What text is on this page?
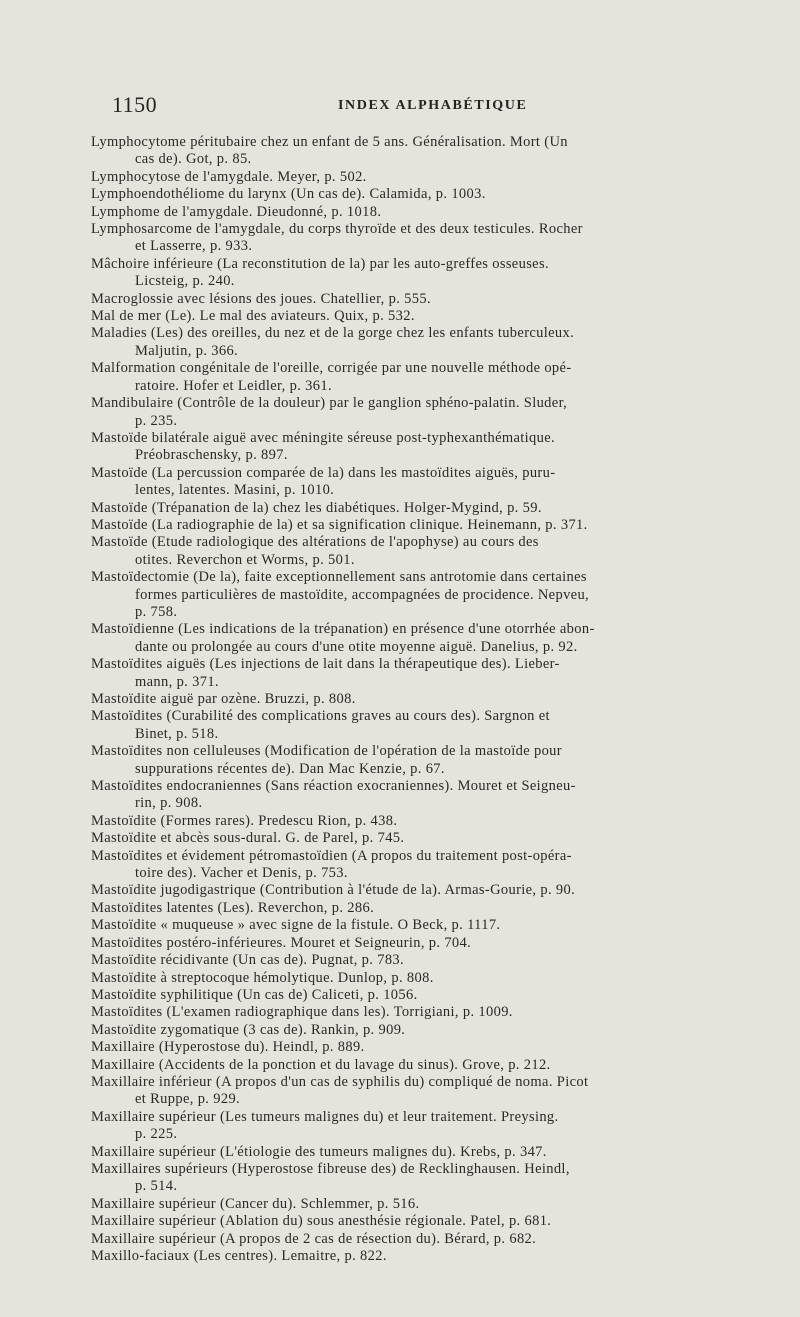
1150	INDEX ALPHABÉTIQUE
Lymphocytome péritubaire chez un enfant de 5 ans. Généralisation. Mort (Un
cas de). Got, p. 85.
Lymphocytose de l'amygdale. Meyer, p. 502.
Lymphoendothéliome du larynx (Un cas de). Calamida, p. 1003.
Lymphome de l'amygdale. Dieudonné, p. 1018.
Lymphosarcome de l'amygdale, du corps thyroïde et des deux testicules. Rocher
et Lasserre, p. 933.
Mâchoire inférieure (La reconstitution de la) par les auto-greffes osseuses.
Licsteig, p. 240.
Macroglossie avec lésions des joues. Chatellier, p. 555.
Mal de mer (Le). Le mal des aviateurs. Quix, p. 532.
Maladies (Les) des oreilles, du nez et de la gorge chez les enfants tuberculeux.
Maljutin, p. 366.
Malformation congénitale de l'oreille, corrigée par une nouvelle méthode opé-
ratoire. Hofer et Leidler, p. 361.
Mandibulaire (Contrôle de la douleur) par le ganglion sphéno-palatin. Sluder,
p. 235.
Mastoïde bilatérale aiguë avec méningite séreuse post-typhexanthématique.
Préobraschensky, p. 897.
Mastoïde (La percussion comparée de la) dans les mastoïdites aiguës, puru-
lentes, latentes. Masini, p. 1010.
Mastoïde (Trépanation de la) chez les diabétiques. Holger-Mygind, p. 59.
Mastoïde (La radiographie de la) et sa signification clinique. Heinemann, p. 371.
Mastoïde (Etude radiologique des altérations de l'apophyse) au cours des
otites. Reverchon et Worms, p. 501.
Mastoïdectomie (De la), faite exceptionnellement sans antrotomie dans certaines
formes particulières de mastoïdite, accompagnées de procidence. Nepveu,
p. 758.
Mastoïdienne (Les indications de la trépanation) en présence d'une otorrhée abon-
dante ou prolongée au cours d'une otite moyenne aiguë. Danelius, p. 92.
Mastoïdites aiguës (Les injections de lait dans la thérapeutique des). Lieber-
mann, p. 371.
Mastoïdite aiguë par ozène. Bruzzi, p. 808.
Mastoïdites (Curabilité des complications graves au cours des). Sargnon et
Binet, p. 518.
Mastoïdites non celluleuses (Modification de l'opération de la mastoïde pour
suppurations récentes de). Dan Mac Kenzie, p. 67.
Mastoïdites endocraniennes (Sans réaction exocraniennes). Mouret et Seigneu-
rin, p. 908.
Mastoïdite (Formes rares). Predescu Rion, p. 438.
Mastoïdite et abcès sous-dural. G. de Parel, p. 745.
Mastoïdites et évidement pétromastoïdien (A propos du traitement post-opéra-
toire des). Vacher et Denis, p. 753.
Mastoïdite jugodigastrique (Contribution à l'étude de la). Armas-Gourie, p. 90.
Mastoïdites latentes (Les). Reverchon, p. 286.
Mastoïdite « muqueuse » avec signe de la fistule. O Beck, p. 1117.
Mastoïdites postéro-inférieures. Mouret et Seigneurin, p. 704.
Mastoïdite récidivante (Un cas de). Pugnat, p. 783.
Mastoïdite à streptocoque hémolytique. Dunlop, p. 808.
Mastoïdite syphilitique (Un cas de) Caliceti, p. 1056.
Mastoïdites (L'examen radiographique dans les). Torrigiani, p. 1009.
Mastoïdite zygomatique (3 cas de). Rankin, p. 909.
Maxillaire (Hyperostose du). Heindl, p. 889.
Maxillaire (Accidents de la ponction et du lavage du sinus). Grove, p. 212.
Maxillaire inférieur (A propos d'un cas de syphilis du) compliqué de noma. Picot
et Ruppe, p. 929.
Maxillaire supérieur (Les tumeurs malignes du) et leur traitement. Preysing.
p. 225.
Maxillaire supérieur (L'étiologie des tumeurs malignes du). Krebs, p. 347.
Maxillaires supérieurs (Hyperostose fibreuse des) de Recklinghausen. Heindl,
p. 514.
Maxillaire supérieur (Cancer du). Schlemmer, p. 516.
Maxillaire supérieur (Ablation du) sous anesthésie régionale. Patel, p. 681.
Maxillaire supérieur (A propos de 2 cas de résection du). Bérard, p. 682.
Maxillo-faciaux (Les centres). Lemaitre, p. 822.
